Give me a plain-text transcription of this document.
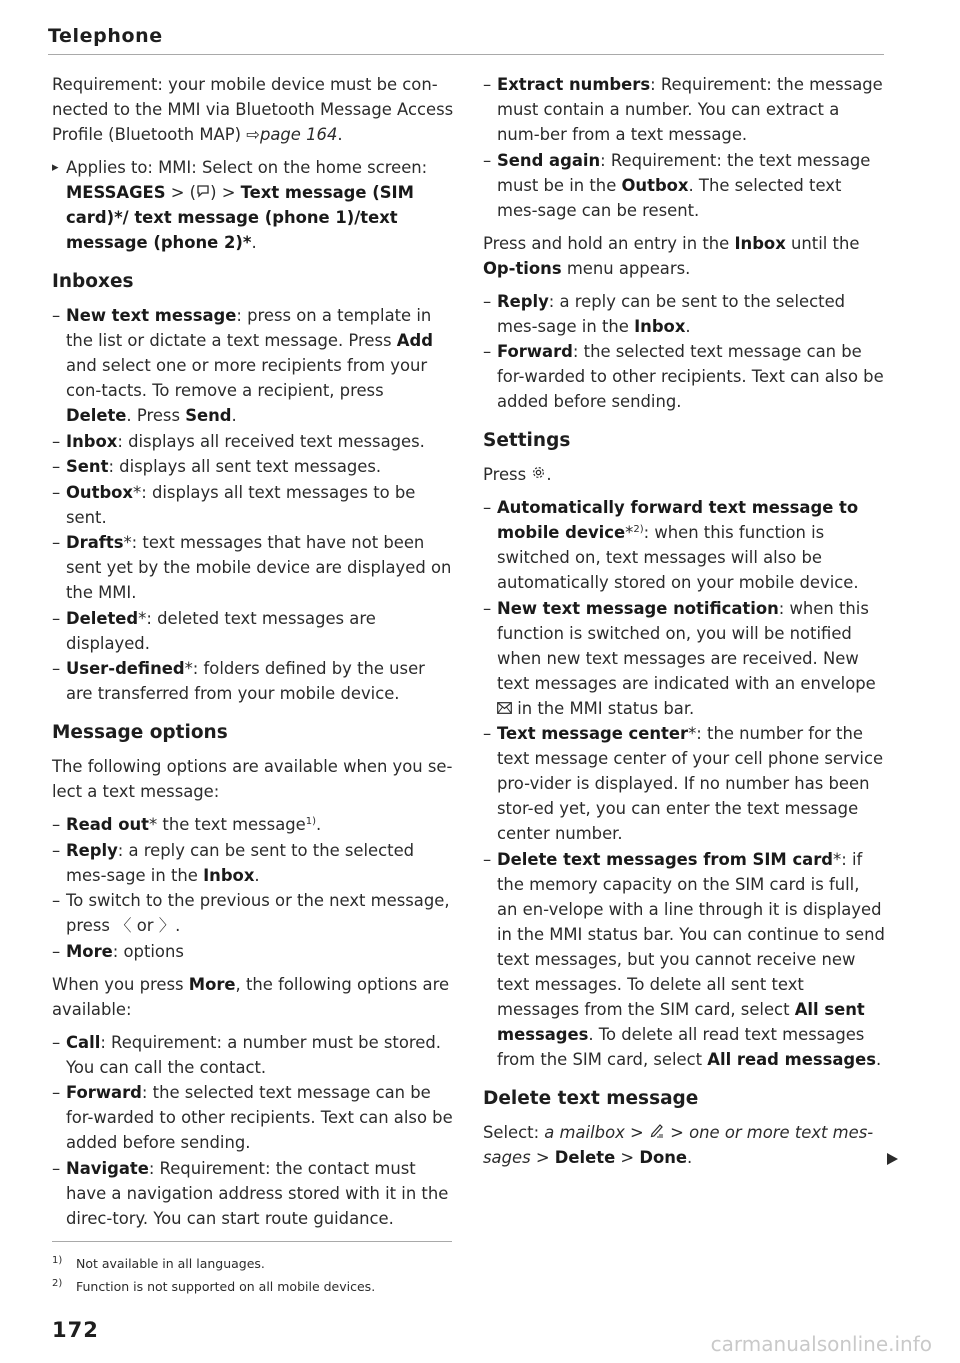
Telephone

Requirement: your mobile device must be con-nected to the MMI via Bluetooth Message Access Profile (Bluetooth MAP) ⇨page 164.

▸ Applies to: MMI: Select on the home screen: MESSAGES > ( ) > Text message (SIM card)*/ text message (phone 1)/text message (phone 2)*.

Inboxes
– New text message: press on a template in the list or dictate a text message. Press Add and select one or more recipients from your con-tacts. To remove a recipient, press Delete. Press Send.
– Inbox: displays all received text messages.
– Sent: displays all sent text messages.
– Outbox*: displays all text messages to be sent.
– Drafts*: text messages that have not been sent yet by the mobile device are displayed on the MMI.
– Deleted*: deleted text messages are displayed.
– User-defined*: folders defined by the user are transferred from your mobile device.
Message options

The following options are available when you se-lect a text message:

– Read out* the text message$^{1)}$.
– Reply: a reply can be sent to the selected mes-sage in the Inbox.
– To switch to the previous or the next message, press 〈 or 〉.
– More: options

When you press More, the following options are available:

– Call: Requirement: a number must be stored. You can call the contact.
– Forward: the selected text message can be for-warded to other recipients. Text can also be added before sending.
– Navigate: Requirement: the contact must have a navigation address stored with it in the direc-tory. You can start route guidance.
– Extract numbers: Requirement: the message must contain a number. You can extract a num-ber from a text message.
– Send again: Requirement: the text message must be in the Outbox. The selected text mes-sage can be resent.

Press and hold an entry in the Inbox until the Op-tions menu appears.

– Reply: a reply can be sent to the selected mes-sage in the Inbox.
– Forward: the selected text message can be for-warded to other recipients. Text can also be added before sending.
Settings

Press .

– Automatically forward text message to mobile device*$^{2)}$: when this function is switched on, text messages will also be automatically stored on your mobile device.
– New text message notification: when this function is switched on, you will be notified when new text messages are received. New text messages are indicated with an envelope  in the MMI status bar.
– Text message center*: the number for the text message center of your cell phone service pro-vider is displayed. If no number has been stor-ed yet, you can enter the text message center number.
– Delete text messages from SIM card*: if the memory capacity on the SIM card is full, an en-velope with a line through it is displayed in the MMI status bar. You can continue to send text messages, but you cannot receive new text messages. To delete all sent text messages from the SIM card, select All sent messages. To delete all read text messages from the SIM card, select All read messages.
Delete text message

Select: a mailbox >  > one or more text mes-sages > Delete > Done.

1) Not available in all languages.
2) Function is not supported on all mobile devices.
172
carmanualsonline.info
